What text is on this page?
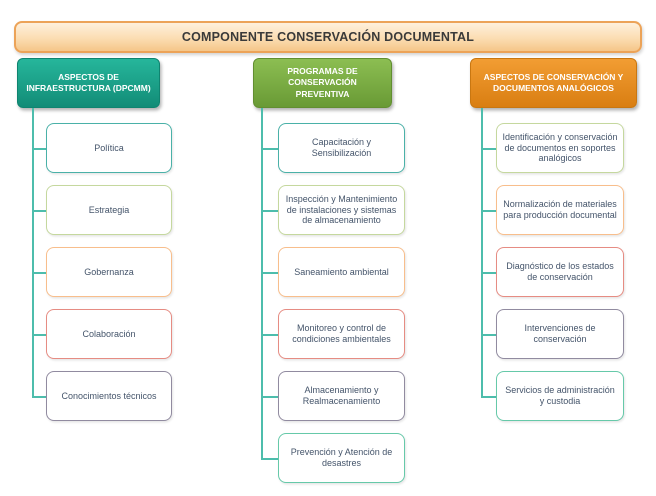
COMPONENTE CONSERVACIÓN DOCUMENTAL
ASPECTOS DE INFRAESTRUCTURA (DPCMM)
Política
Estrategia
Gobernanza
Colaboración
Conocimientos técnicos
PROGRAMAS DE CONSERVACIÓN PREVENTIVA
Capacitación y Sensibilización
Inspección y Mantenimiento de instalaciones y sistemas de almacenamiento
Saneamiento ambiental
Monitoreo y control de condiciones ambientales
Almacenamiento y Realmacenamiento
Prevención y Atención de desastres
ASPECTOS DE CONSERVACIÓN Y DOCUMENTOS ANALÓGICOS
Identificación y conservación de documentos en soportes analógicos
Normalización de materiales para producción documental
Diagnóstico de los estados de conservación
Intervenciones de conservación
Servicios de administración y custodia
